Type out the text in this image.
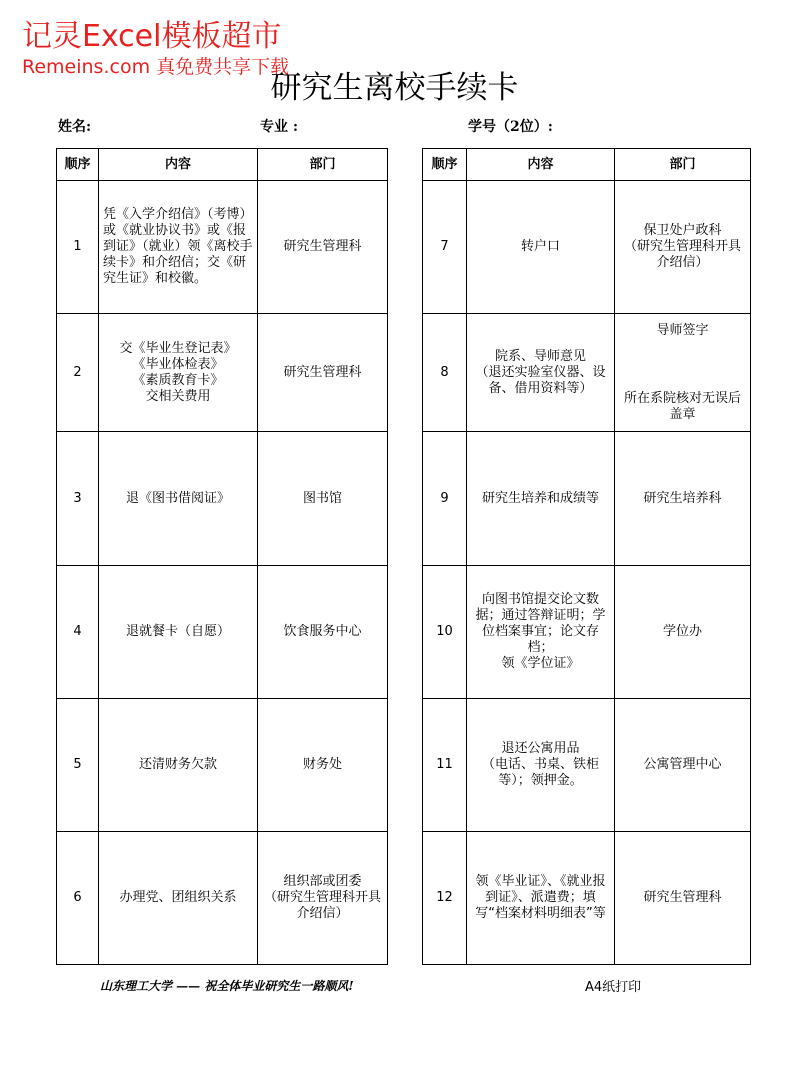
记灵Excel模板超市
Remeins.com 真免费共享下载
研究生离校手续卡
姓名:	专业 :	学号（2位）:
顺序	内容	部门
1	凭《入学介绍信》（考博）或《就业协议书》或《报到证》（就业）领《离校手续卡》和介绍信；交《研究生证》和校徽。	研究生管理科
2	交《毕业生登记表》
《毕业体检表》
《素质教育卡》
交相关费用	研究生管理科
3	退《图书借阅证》	图书馆
4	退就餐卡（自愿）	饮食服务中心
5	还清财务欠款	财务处
6	办理党、团组织关系	组织部或团委
（研究生管理科开具介绍信）
顺序	内容	部门
7	转户口	保卫处户政科
（研究生管理科开具介绍信）
8	院系、导师意见
（退还实验室仪器、设备、借用资料等）	导师签字
所在系院核对无误后盖章

9	研究生培养和成绩等	研究生培养科
10	向图书馆提交论文数据；通过答辩证明；学位档案事宜；论文存档；
领《学位证》	学位办
11	退还公寓用品
（电话、书桌、铁柜等）；领押金。	公寓管理中心
12	领《毕业证》、《就业报到证》、派遣费；填写“档案材料明细表”等	研究生管理科
山东理工大学 —— 祝全体毕业研究生一路顺风!	A4纸打印
